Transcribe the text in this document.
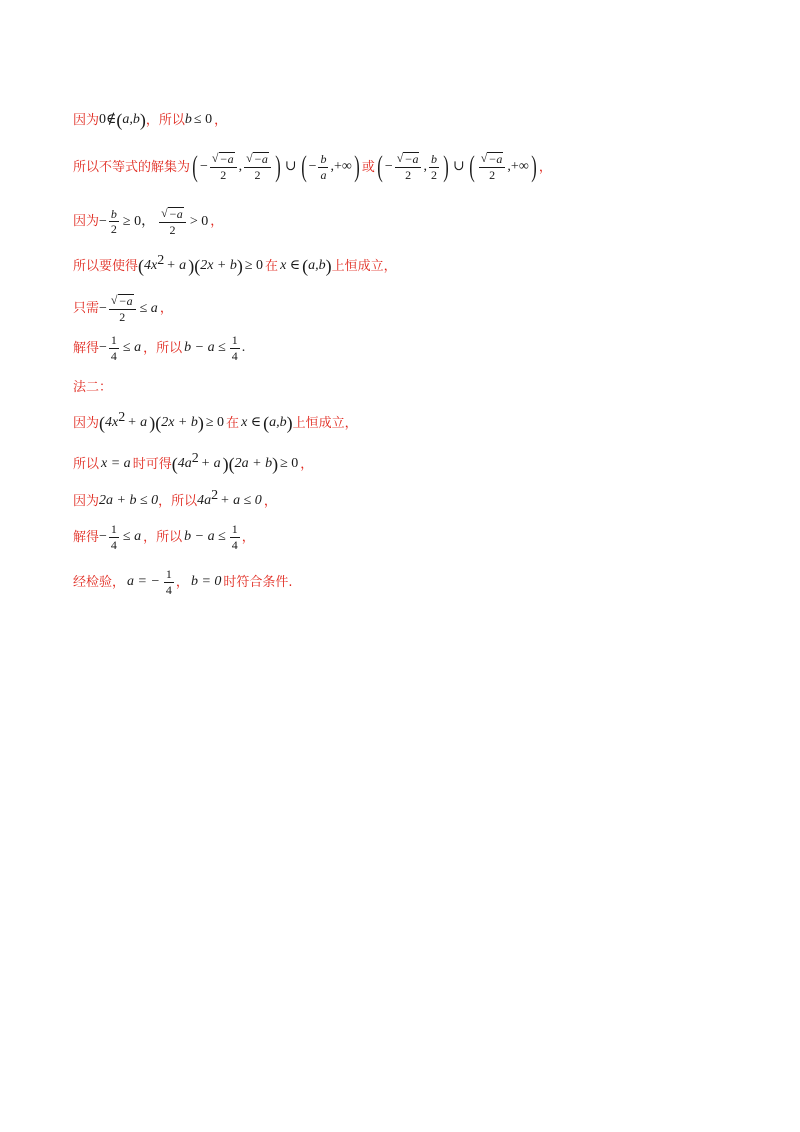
因为 0∉ ( a,b ) ，所以 b ≤ 0 ，
所以不等式的解集为 ( − $\frac{√ -a}{2}$ , $\frac{√ -a}{2}$ ) ∪ ( − $\frac{b}{a}$ ,+∞ ) 或 ( − $\frac{√ -a}{2}$ , $\frac{b}{2}$ ) ∪ ( $\frac{√ -a}{2}$ ,+∞ ) ，
因为 − $\frac{b}{2} \ge 0$， $\frac{√ -a}{2} > 0$ ，
所以要使得 ( $4x^2 + a$ ) ( 2x + b ) ≥ 0 在 x ∈ ( a,b ) 上恒成立，
只需 − $\frac{√ -a}{2} \le a$ ，
解得 − $\frac{1}{4} \le a$ ，所以 $b - a \le \frac{1}{4}$ .
法二：
因为 ( $4x^2 + a$ ) ( 2x + b ) ≥ 0 在 x ∈ ( a,b ) 上恒成立，
所以 x = a 时可得 ( $4a^2 + a$ ) ( 2a + b ) ≥ 0 ，
因为 2a + b ≤ 0 ，所以 $4a^2 + a \le 0$ ，
解得 − $\frac{1}{4} \le a$ ，所以 $b - a \le \frac{1}{4}$ ，
经检验， a = − $\frac{1}{4}$ ， b = 0 时符合条件.
